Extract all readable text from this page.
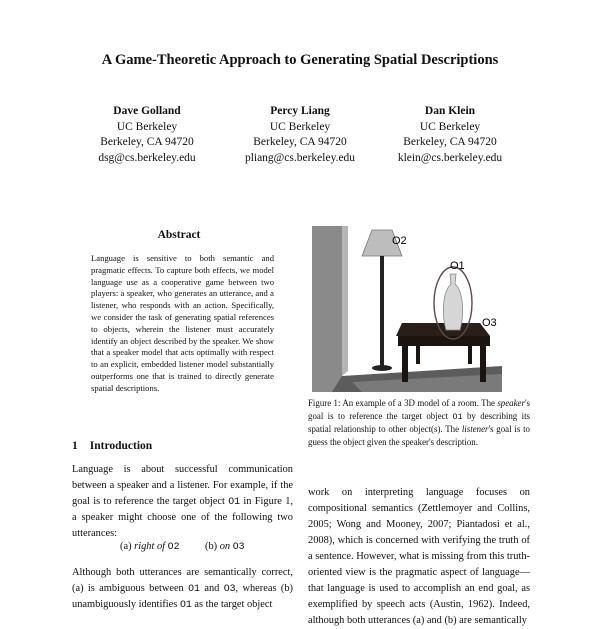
A Game-Theoretic Approach to Generating Spatial Descriptions
Dave Golland
UC Berkeley
Berkeley, CA 94720
dsg@cs.berkeley.edu
Percy Liang
UC Berkeley
Berkeley, CA 94720
pliang@cs.berkeley.edu
Dan Klein
UC Berkeley
Berkeley, CA 94720
klein@cs.berkeley.edu
Abstract
Language is sensitive to both semantic and pragmatic effects. To capture both effects, we model language use as a cooperative game between two players: a speaker, who generates an utterance, and a listener, who responds with an action. Specifically, we consider the task of generating spatial references to objects, wherein the listener must accurately identify an object described by the speaker. We show that a speaker model that acts optimally with respect to an explicit, embedded listener model substantially outperforms one that is trained to directly generate spatial descriptions.
1 Introduction
Language is about successful communication between a speaker and a listener. For example, if the goal is to reference the target object O1 in Figure 1, a speaker might choose one of the following two utterances:
(a) right of O2 (b) on O3
Although both utterances are semantically correct, (a) is ambiguous between O1 and O3, whereas (b) unambiguously identifies O1 as the target object
O2
O1
O3
Figure 1: An example of a 3D model of a room. The speaker's goal is to reference the target object O1 by describing its spatial relationship to other object(s). The listener's goal is to guess the object given the speaker's description.
work on interpreting language focuses on compositional semantics (Zettlemoyer and Collins, 2005; Wong and Mooney, 2007; Piantadosi et al., 2008), which is concerned with verifying the truth of a sentence. However, what is missing from this truth-oriented view is the pragmatic aspect of language—that language is used to accomplish an end goal, as exemplified by speech acts (Austin, 1962). Indeed, although both utterances (a) and (b) are semantically
